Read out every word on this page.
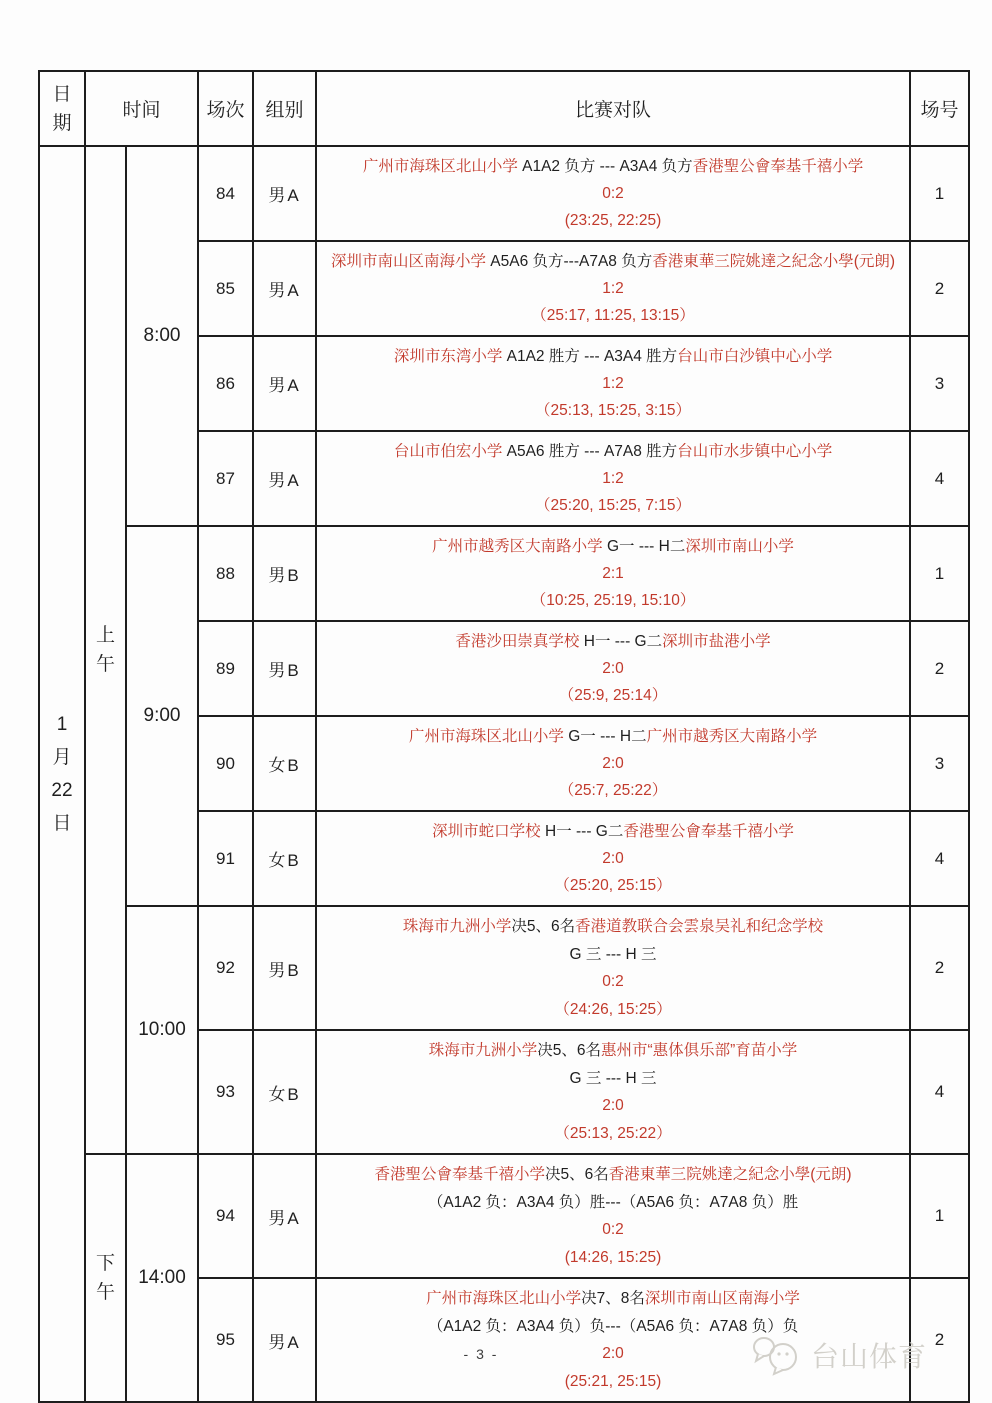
日期	时间		场次	组别	比赛对队	场号

1
月
22
日

上午
	8:00	84	男A	
广州市海珠区北山小学 A1A2 负方 --- A3A4 负方香港聖公會奉基千禧小学
0:2
(23:25, 22:25)
	1
			85	男A	深圳市南山区南海小学 A5A6 负方---A7A8 负方香港東華三院姚達之紀念小學(元朗)
1:2
（25:17, 11:25, 13:15）	2
			86	男A	深圳市东湾小学 A1A2 胜方 --- A3A4 胜方台山市白沙镇中心小学
1:2
（25:13, 15:25, 3:15）	3
			87	男A	台山市伯宏小学 A5A6 胜方 --- A7A8 胜方台山市水步镇中心小学
1:2
（25:20, 15:25, 7:15）	4
		9:00	88	男B	广州市越秀区大南路小学 G一 --- H二深圳市南山小学
2:1
（10:25, 25:19, 15:10）	1
			89	男B	香港沙田崇真学校 H一 --- G二深圳市盐港小学
2:0
（25:9, 25:14）	2
			90	女B	广州市海珠区北山小学 G一 --- H二广州市越秀区大南路小学
2:0
（25:7, 25:22）	3
			91	女B	深圳市蛇口学校 H一 --- G二香港聖公會奉基千禧小学
2:0
（25:20, 25:15）	4
		10:00	92	男B	珠海市九洲小学决5、6名香港道教联合会雲泉吴礼和纪念学校
G 三 --- H 三
0:2
（24:26, 15:25）	2
			93	女B	珠海市九洲小学决5、6名惠州市“惠体俱乐部”育苗小学
G 三 --- H 三
2:0
（25:13, 25:22）	4

	下午	14:00	94	男A	香港聖公會奉基千禧小学决5、6名香港東華三院姚達之紀念小學(元朗)
（A1A2 负：A3A4 负）胜---（A5A6 负：A7A8 负）胜
0:2
(14:26, 15:25)	1
			95	男A	广州市海珠区北山小学决7、8名深圳市南山区南海小学
（A1A2 负：A3A4 负）负---（A5A6 负：A7A8 负）负
2:0
(25:21, 25:15)	2
- 3 -	台山体育
